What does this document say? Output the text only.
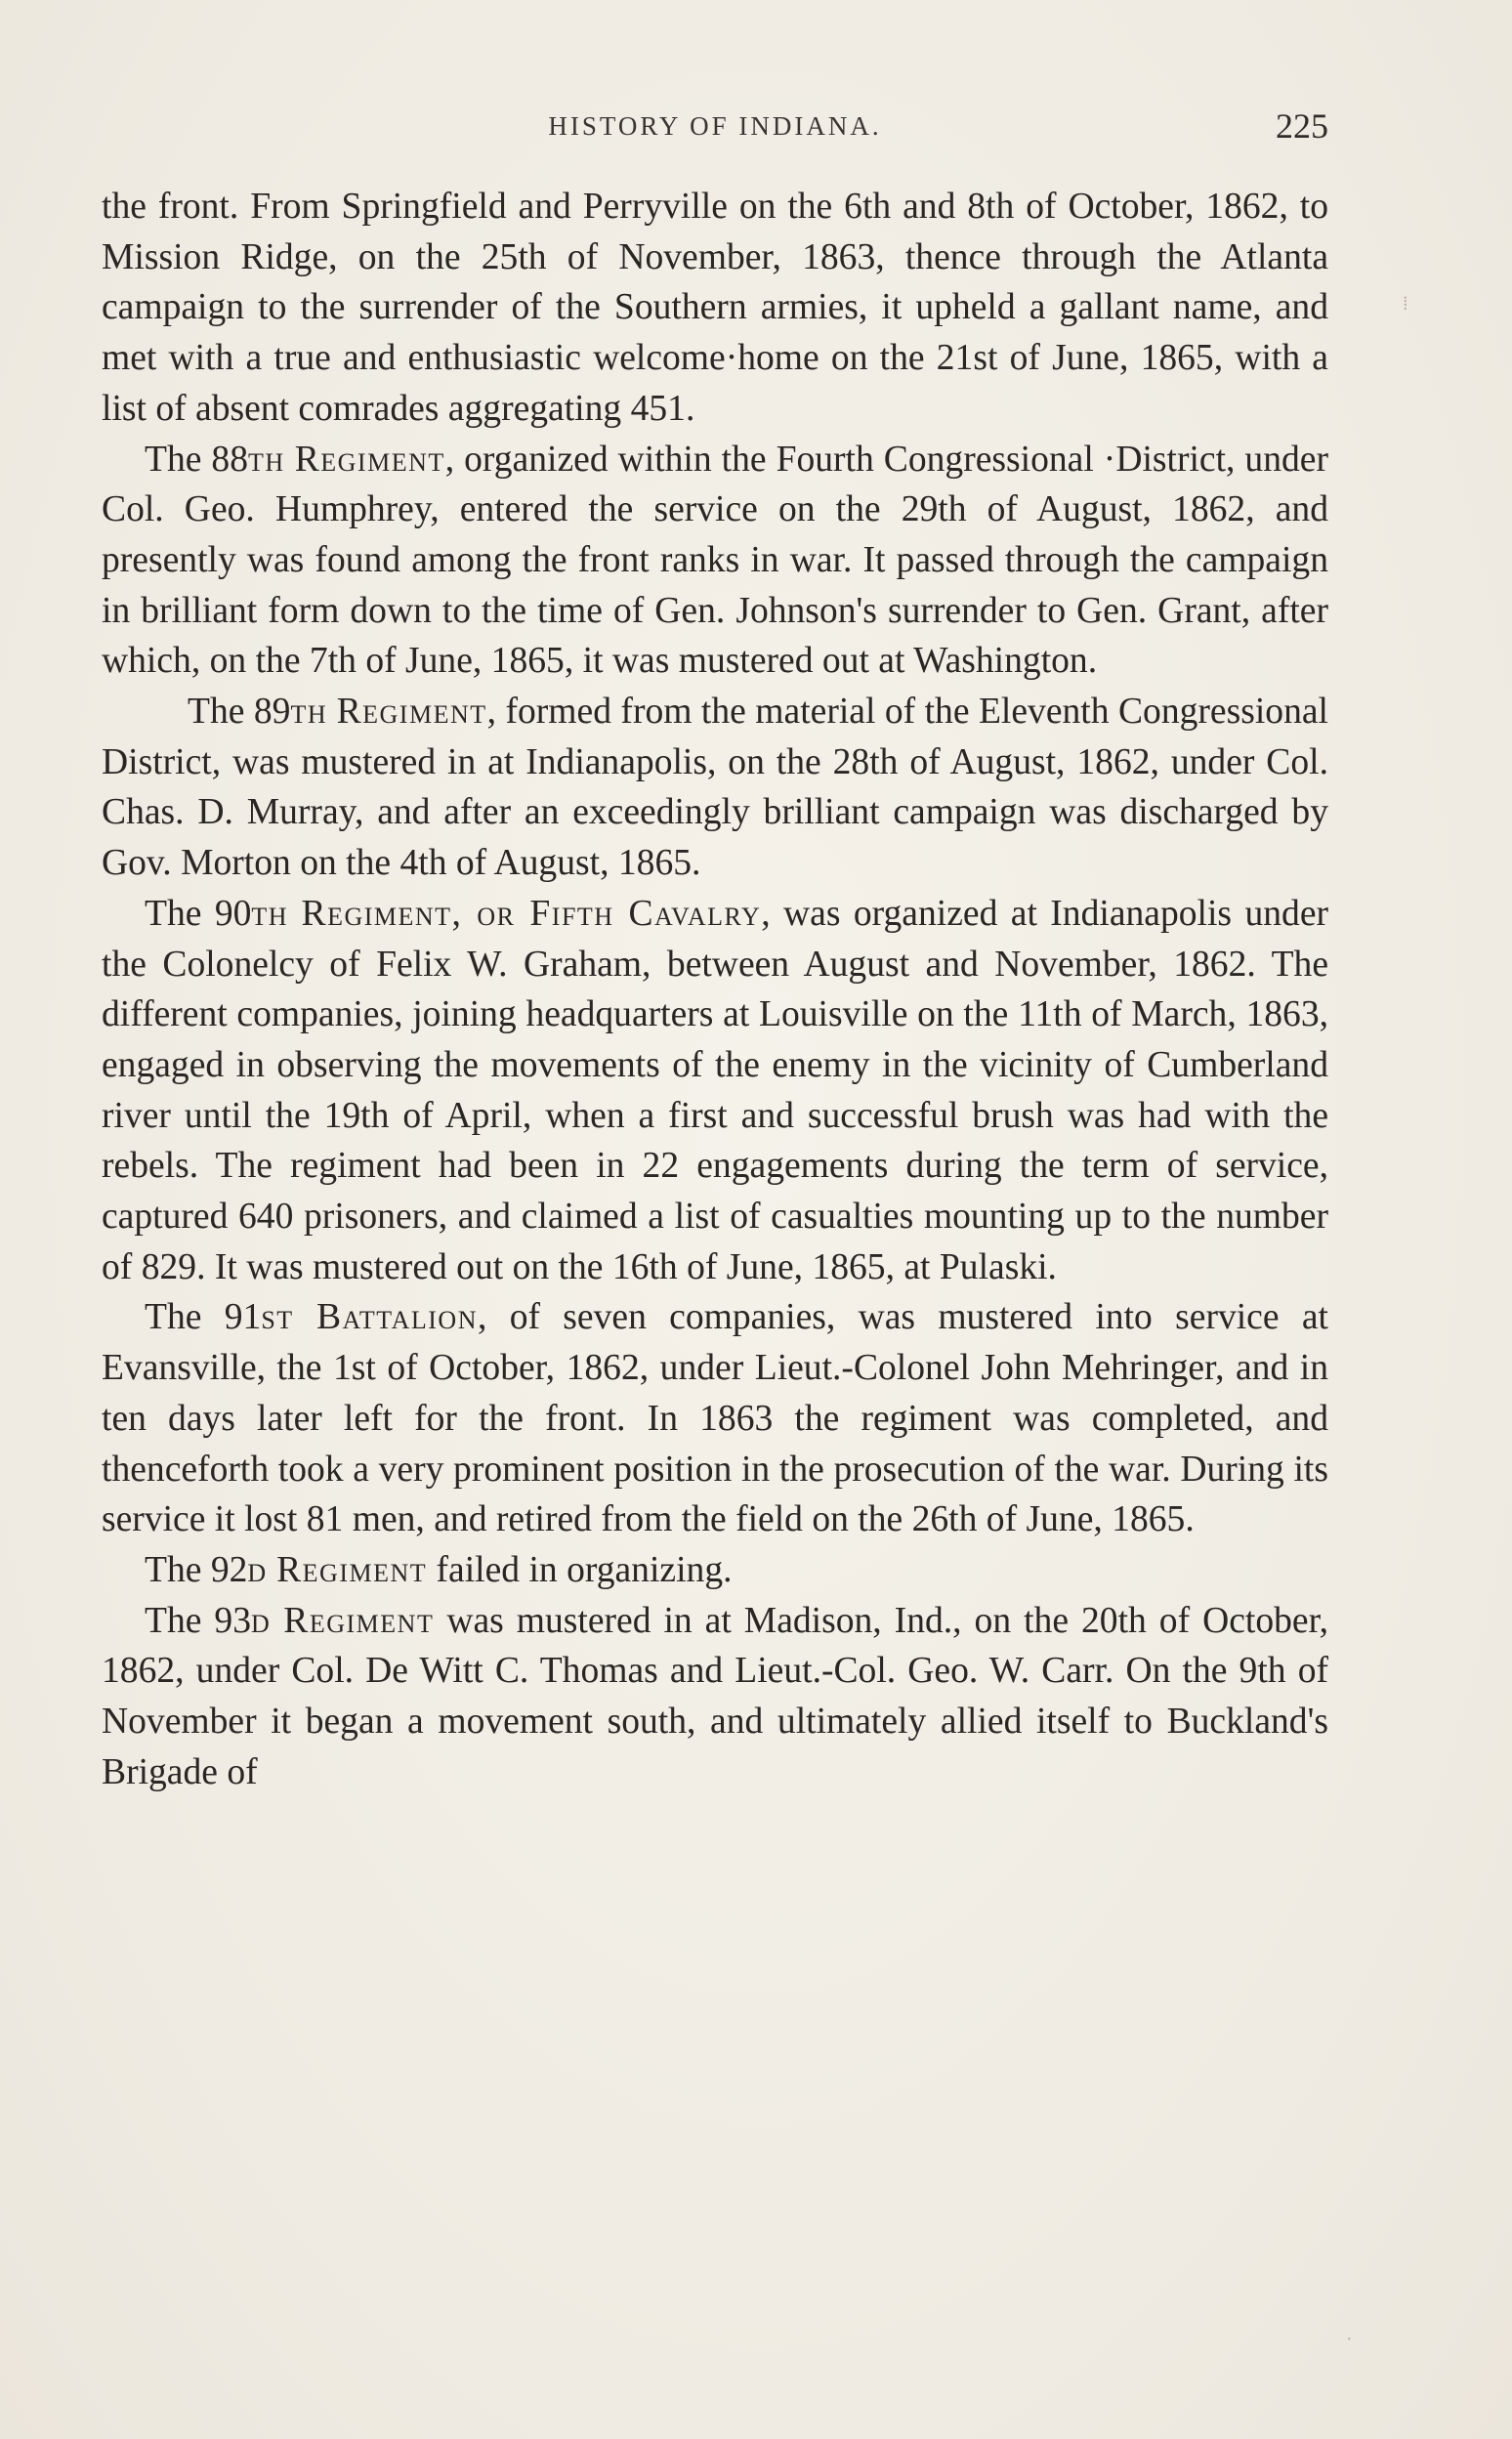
HISTORY OF INDIANA.	225

the front. From Springfield and Perryville on the 6th and 8th of October, 1862, to Mission Ridge, on the 25th of November, 1863, thence through the Atlanta campaign to the surrender of the Southern armies, it upheld a gallant name, and met with a true and enthusiastic welcome·home on the 21st of June, 1865, with a list of absent comrades aggregating 451.

The 88th Regiment, organized within the Fourth Congressional ·District, under Col. Geo. Humphrey, entered the service on the 29th of August, 1862, and presently was found among the front ranks in war. It passed through the campaign in brilliant form down to the time of Gen. Johnson's surrender to Gen. Grant, after which, on the 7th of June, 1865, it was mustered out at Washington.

The 89th Regiment, formed from the material of the Eleventh Congressional District, was mustered in at Indianapolis, on the 28th of August, 1862, under Col. Chas. D. Murray, and after an exceedingly brilliant campaign was discharged by Gov. Morton on the 4th of August, 1865.

The 90th Regiment, or Fifth Cavalry, was organized at Indianapolis under the Colonelcy of Felix W. Graham, between August and November, 1862. The different companies, joining headquarters at Louisville on the 11th of March, 1863, engaged in observing the movements of the enemy in the vicinity of Cumberland river until the 19th of April, when a first and successful brush was had with the rebels. The regiment had been in 22 engagements during the term of service, captured 640 prisoners, and claimed a list of casualties mounting up to the number of 829. It was mustered out on the 16th of June, 1865, at Pulaski.

The 91st Battalion, of seven companies, was mustered into service at Evansville, the 1st of October, 1862, under Lieut.-Colonel John Mehringer, and in ten days later left for the front. In 1863 the regiment was completed, and thenceforth took a very prominent position in the prosecution of the war. During its service it lost 81 men, and retired from the field on the 26th of June, 1865.

The 92d Regiment failed in organizing.

The 93d Regiment was mustered in at Madison, Ind., on the 20th of October, 1862, under Col. De Witt C. Thomas and Lieut.-Col. Geo. W. Carr. On the 9th of November it began a movement south, and ultimately allied itself to Buckland's Brigade of

⁞
·
